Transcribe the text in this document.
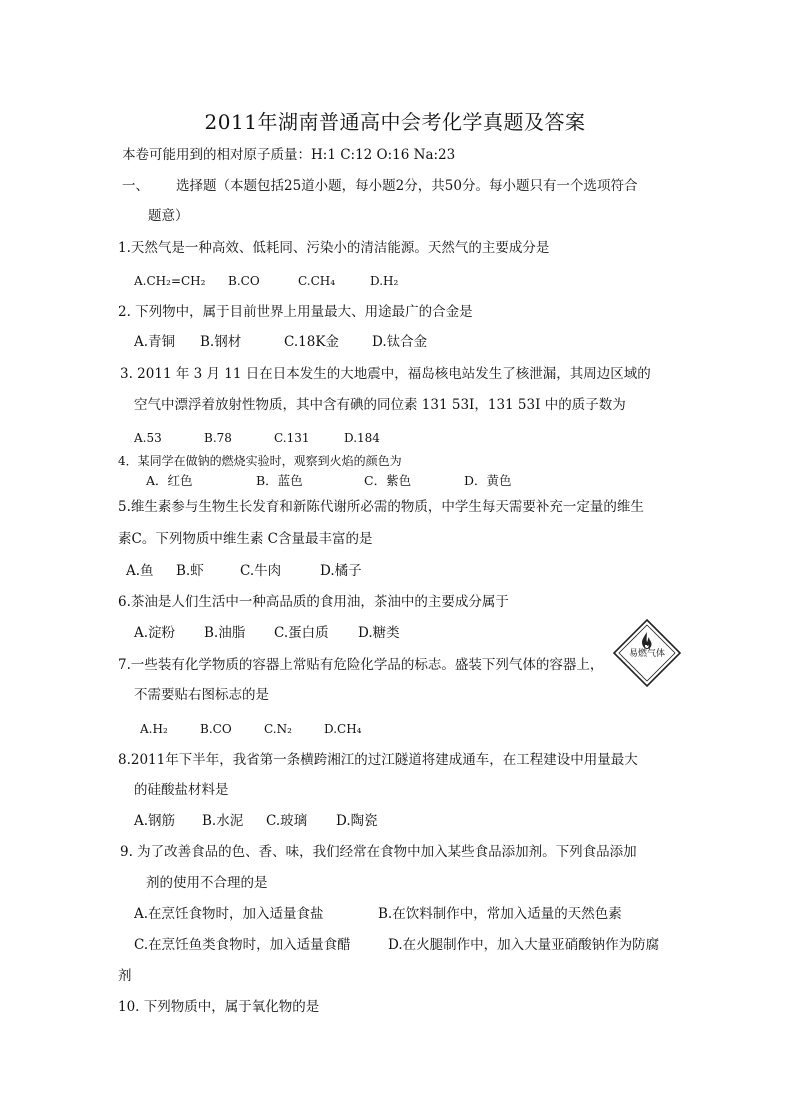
2011年湖南普通高中会考化学真题及答案
本卷可能用到的相对原子质量：H:1 C:12 O:16 Na:23
一、 选择题（本题包括25道小题，每小题2分，共50分。每小题只有一个选项符合
题意）
1.天然气是一种高效、低耗同、污染小的清洁能源。天然气的主要成分是
A.CH₂=CH₂ B.CO	C.CH₄	D.H₂
2. 下列物中，属于目前世界上用量最大、用途最广的合金是
A.青铜 B.钢材	C.18K金 D.钛合金
3. 2011 年 3 月 11 日在日本发生的大地震中，福岛核电站发生了核泄漏，其周边区域的
空气中漂浮着放射性物质，其中含有碘的同位素 131 53I，131 53I 中的质子数为
A.53	B.78	C.131	D.184
4．某同学在做钠的燃烧实验时，观察到火焰的颜色为
A．红色	B．蓝色	C．紫色	D．黄色
5.维生素参与生物生长发育和新陈代谢所必需的物质，中学生每天需要补充一定量的维生
素C。下列物质中维生素 C含量最丰富的是
A.鱼 B.虾	C.牛肉	D.橘子
6.茶油是人们生活中一种高品质的食用油，茶油中的主要成分属于
A.淀粉 B.油脂 C.蛋白质 D.糖类
7.一些装有化学物质的容器上常贴有危险化学品的标志。盛装下列气体的容器上，
不需要贴右图标志的是
A.H₂	B.CO	C.N₂	D.CH₄
易燃气体
8.2011年下半年，我省第一条横跨湘江的过江隧道将建成通车，在工程建设中用量最大
的硅酸盐材料是
A.钢筋 B.水泥 C.玻璃 D.陶瓷
9. 为了改善食品的色、香、味，我们经常在食物中加入某些食品添加剂。下列食品添加
剂的使用不合理的是
A.在烹饪食物时，加入适量食盐	B.在饮料制作中，常加入适量的天然色素
C.在烹饪鱼类食物时，加入适量食醋	D.在火腿制作中，加入大量亚硝酸钠作为防腐
剂
10. 下列物质中，属于氧化物的是
